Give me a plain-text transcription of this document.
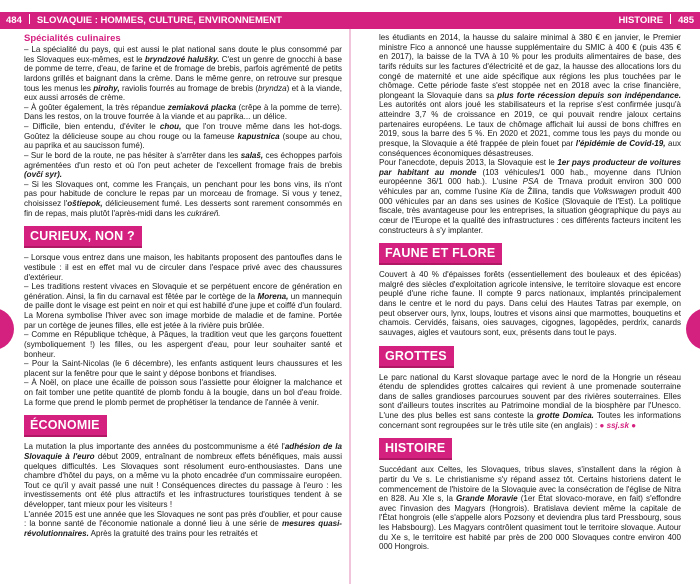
484 SLOVAQUIE : HOMMES, CULTURE, ENVIRONNEMENT	HISTOIRE 485
Spécialités culinaires

– La spécialité du pays, qui est aussi le plat national sans doute le plus consommé par les Slovaques eux-mêmes, est le bryndzové halušky. C'est un genre de gnocchi à base de pomme de terre, d'eau, de farine et de fromage de brebis, parfois agrémenté de petits lardons grillés et baignant dans la crème. Dans le même genre, on retrouve sur presque tous les menus les pirohy, raviolis fourrés au fromage de brebis (bryndza) et à la viande, eux aussi arrosés de crème.

– À goûter également, la très répandue zemiaková placka (crêpe à la pomme de terre). Dans les restos, on la trouve fourrée à la viande et au paprika... un délice.

– Difficile, bien entendu, d'éviter le chou, que l'on trouve même dans les hot-dogs. Goûtez la délicieuse soupe au chou rouge ou la fameuse kapustnica (soupe au chou, au paprika et au saucisson fumé).

– Sur le bord de la route, ne pas hésiter à s'arrêter dans les salaš, ces échoppes parfois agrémentées d'un resto et où l'on peut acheter de l'excellent fromage frais de brebis (ovčí syr).

– Si les Slovaques ont, comme les Français, un penchant pour les bons vins, ils n'ont pas pour habitude de conclure le repas par un morceau de fromage. Si vous y tenez, choisissez l'oštiepok, délicieusement fumé. Les desserts sont rarement consommés en fin de repas, mais plutôt l'après-midi dans les cukráreň.

CURIEUX, NON ?

– Lorsque vous entrez dans une maison, les habitants proposent des pantoufles dans le vestibule : il est en effet mal vu de circuler dans l'espace privé avec des chaussures d'extérieur.

– Les traditions restent vivaces en Slovaquie et se perpétuent encore de génération en génération. Ainsi, la fin du carnaval est fêtée par le cortège de la Morena, un mannequin de paille dont le visage est peint en noir et qui est habillé d'une jupe et coiffé d'un foulard. La Morena symbolise l'hiver avec son image morbide de maladie et de famine. Portée par un cortège de jeunes filles, elle est jetée à la rivière puis brûlée.

– Comme en République tchèque, à Pâques, la tradition veut que les garçons fouettent (symboliquement !) les filles, ou les aspergent d'eau, pour leur souhaiter santé et bonheur.

– Pour la Saint-Nicolas (le 6 décembre), les enfants astiquent leurs chaussures et les placent sur la fenêtre pour que le saint y dépose bonbons et friandises.

– À Noël, on place une écaille de poisson sous l'assiette pour éloigner la malchance et on fait tomber une petite quantité de plomb fondu à la bougie, dans un bol d'eau froide. La forme que prend le plomb permet de prophétiser la tendance de l'année à venir.

ÉCONOMIE

La mutation la plus importante des années du postcommunisme a été l'adhésion de la Slovaquie à l'euro début 2009, entraînant de nombreux effets bénéfiques, mais aussi quelques difficultés. Les Slovaques sont résolument euro-enthousiastes. Dans une chambre d'hôtel du pays, on a même vu la photo encadrée d'un commissaire européen. Tout ce qu'il y avait passé une nuit ! Conséquences directes du passage à l'euro : les investissements ont été plus attractifs et les infrastructures touristiques tendent à se développer, tant mieux pour les visiteurs !

L'année 2015 est une année que les Slovaques ne sont pas près d'oublier, et pour cause : la bonne santé de l'économie nationale a donné lieu à une série de mesures quasi-révolutionnaires. Après la gratuité des trains pour les retraités et

les étudiants en 2014, la hausse du salaire minimal à 380 € en janvier, le Premier ministre Fico a annoncé une hausse supplémentaire du SMIC à 400 € (puis 435 € en 2017), la baisse de la TVA à 10 % pour les produits alimentaires de base, des tarifs réduits sur les factures d'électricité et de gaz, la hausse des allocations lors du congé de maternité et une aide spécifique aux régions les plus touchées par le chômage. Cette période faste s'est stoppée net en 2018 avec la crise financière, plongeant la Slovaquie dans sa plus forte récession depuis son indépendance. Les autorités ont alors joué les stabilisateurs et la reprise s'est confirmée jusqu'à atteindre 3,7 % de croissance en 2019, ce qui pouvait rendre jaloux certains partenaires européens. Le taux de chômage affichait lui aussi de bons chiffres en 2019, sous la barre des 5 %. En 2020 et 2021, comme tous les pays du monde ou presque, la Slovaquie a été frappée de plein fouet par l'épidémie de Covid-19, aux conséquences économiques désastreuses.

Pour l'anecdote, depuis 2013, la Slovaquie est le 1er pays producteur de voitures par habitant au monde (103 véhicules/1 000 hab., moyenne dans l'Union européenne 36/1 000 hab.). L'usine PSA de Trnava produit environ 300 000 véhicules par an, comme l'usine Kia de Žilina, tandis que Volkswagen produit 400 000 véhicules par an dans ses usines de Košice (Slovaquie de l'Est). La politique fiscale, très avantageuse pour les entreprises, la situation géographique du pays au cœur de l'Europe et la qualité des infrastructures : ces différents facteurs incitent les constructeurs à s'y implanter.

FAUNE ET FLORE

Couvert à 40 % d'épaisses forêts (essentiellement des bouleaux et des épicéas) malgré des siècles d'exploitation agricole intensive, le territoire slovaque est encore peuplé d'une riche faune. Il compte 9 parcs nationaux, implantés principalement dans le centre et le nord du pays. Dans celui des Hautes Tatras par exemple, on peut observer ours, lynx, loups, loutres et visons ainsi que marmottes, bouquetins et chamois. Cervidés, faisans, oies sauvages, cigognes, lagopèdes, perdrix, canards sauvages, aigles et vautours sont, eux, présents dans tout le pays.

GROTTES

Le parc national du Karst slovaque partage avec le nord de la Hongrie un réseau étendu de splendides grottes calcaires qui revient à une promenade souterraine dans de salles grandioses parcourues souvent par des rivières souterraines. Elles sont d'ailleurs toutes inscrites au Patrimoine mondial de la biosphère par l'Unesco. L'une des plus belles est sans conteste la grotte Domica. Toutes les informations concernant sont regroupées sur le très utile site (en anglais) : ● ssj.sk ●

HISTOIRE

Succédant aux Celtes, les Slovaques, tribus slaves, s'installent dans la région à partir du Ve s. Le christianisme s'y répand assez tôt. Certains historiens datent le commencement de l'histoire de la Slovaquie avec la consécration de l'église de Nitra en 828. Au XIe s, la Grande Moravie (1er État slovaco-morave, en fait) s'effondre avec l'invasion des Magyars (Hongrois). Bratislava devient même la capitale de l'État hongrois (elle s'appelle alors Pozsony et deviendra plus tard Pressbourg, sous les Habsbourg). Les Magyars contrôlent quasiment tout le territoire slovaque. Autour du Xe s, le territoire est habité par près de 200 000 Slovaques contre environ 400 000 Hongrois.
